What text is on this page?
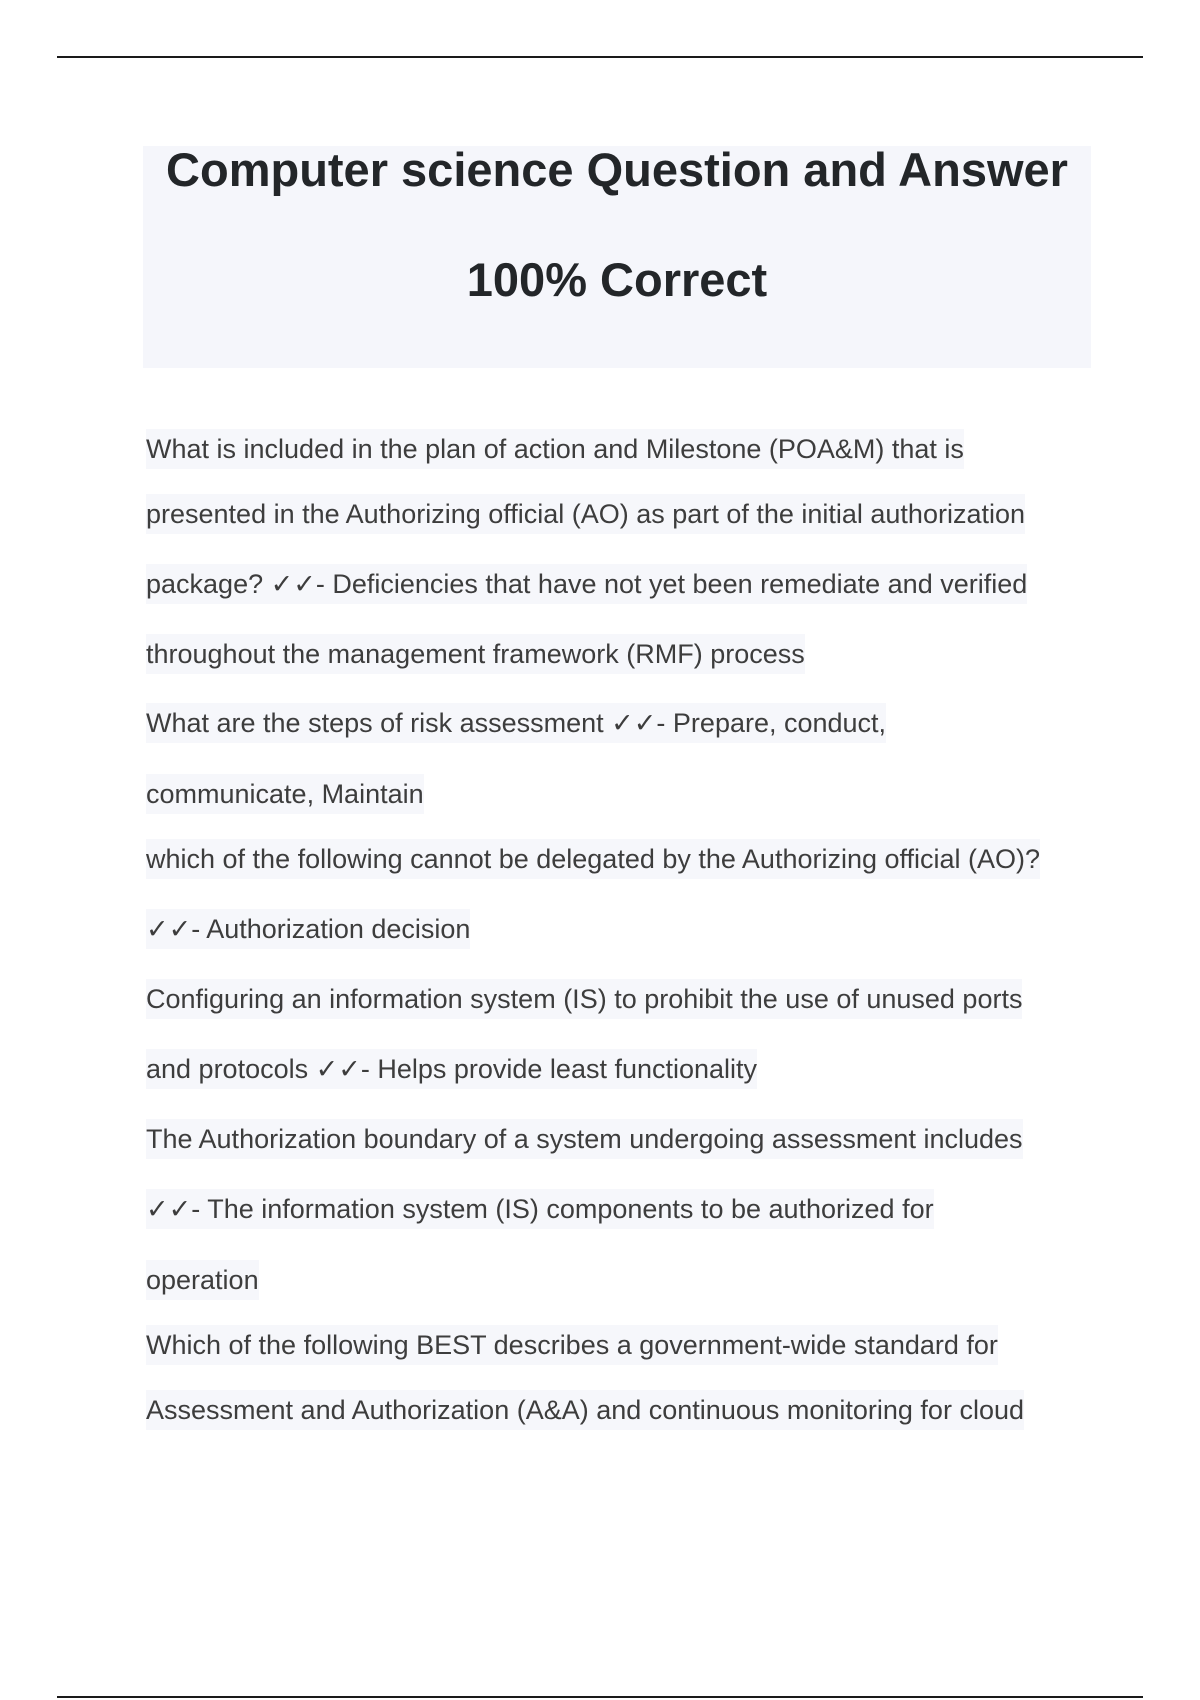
Computer science Question and Answer
100% Correct
What is included in the plan of action and Milestone (POA&M) that is
presented in the Authorizing official (AO) as part of the initial authorization
package? ✓✓- Deficiencies that have not yet been remediate and verified
throughout the management framework (RMF) process
What are the steps of risk assessment ✓✓- Prepare, conduct,
communicate, Maintain
which of the following cannot be delegated by the Authorizing official (AO)?
✓✓- Authorization decision
Configuring an information system (IS) to prohibit the use of unused ports
and protocols ✓✓- Helps provide least functionality
The Authorization boundary of a system undergoing assessment includes
✓✓- The information system (IS) components to be authorized for
operation
Which of the following BEST describes a government-wide standard for
Assessment and Authorization (A&A) and continuous monitoring for cloud
